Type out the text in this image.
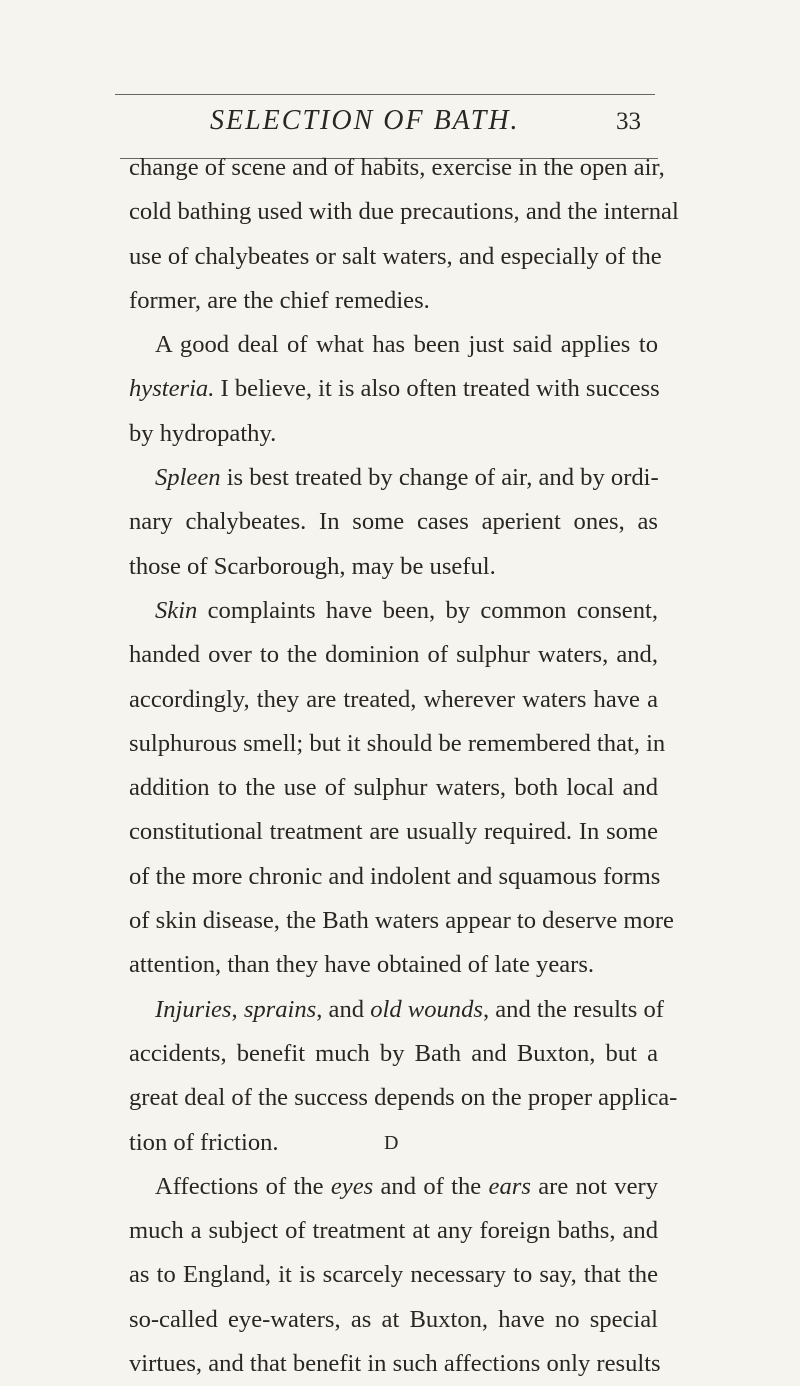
SELECTION OF BATH.	33
change of scene and of habits, exercise in the open air,
cold bathing used with due precautions, and the internal
use of chalybeates or salt waters, and especially of the
former, are the chief remedies.
A good deal of what has been just said applies to
hysteria. I believe, it is also often treated with success
by hydropathy.
Spleen is best treated by change of air, and by ordi-
nary chalybeates. In some cases aperient ones, as
those of Scarborough, may be useful.
Skin complaints have been, by common consent,
handed over to the dominion of sulphur waters, and,
accordingly, they are treated, wherever waters have a
sulphurous smell; but it should be remembered that, in
addition to the use of sulphur waters, both local and
constitutional treatment are usually required. In some
of the more chronic and indolent and squamous forms
of skin disease, the Bath waters appear to deserve more
attention, than they have obtained of late years.
Injuries, sprains, and old wounds, and the results of
accidents, benefit much by Bath and Buxton, but a
great deal of the success depends on the proper applica-
tion of friction.
Affections of the eyes and of the ears are not very
much a subject of treatment at any foreign baths, and
as to England, it is scarcely necessary to say, that the
so-called eye-waters, as at Buxton, have no special
virtues, and that benefit in such affections only results
D
